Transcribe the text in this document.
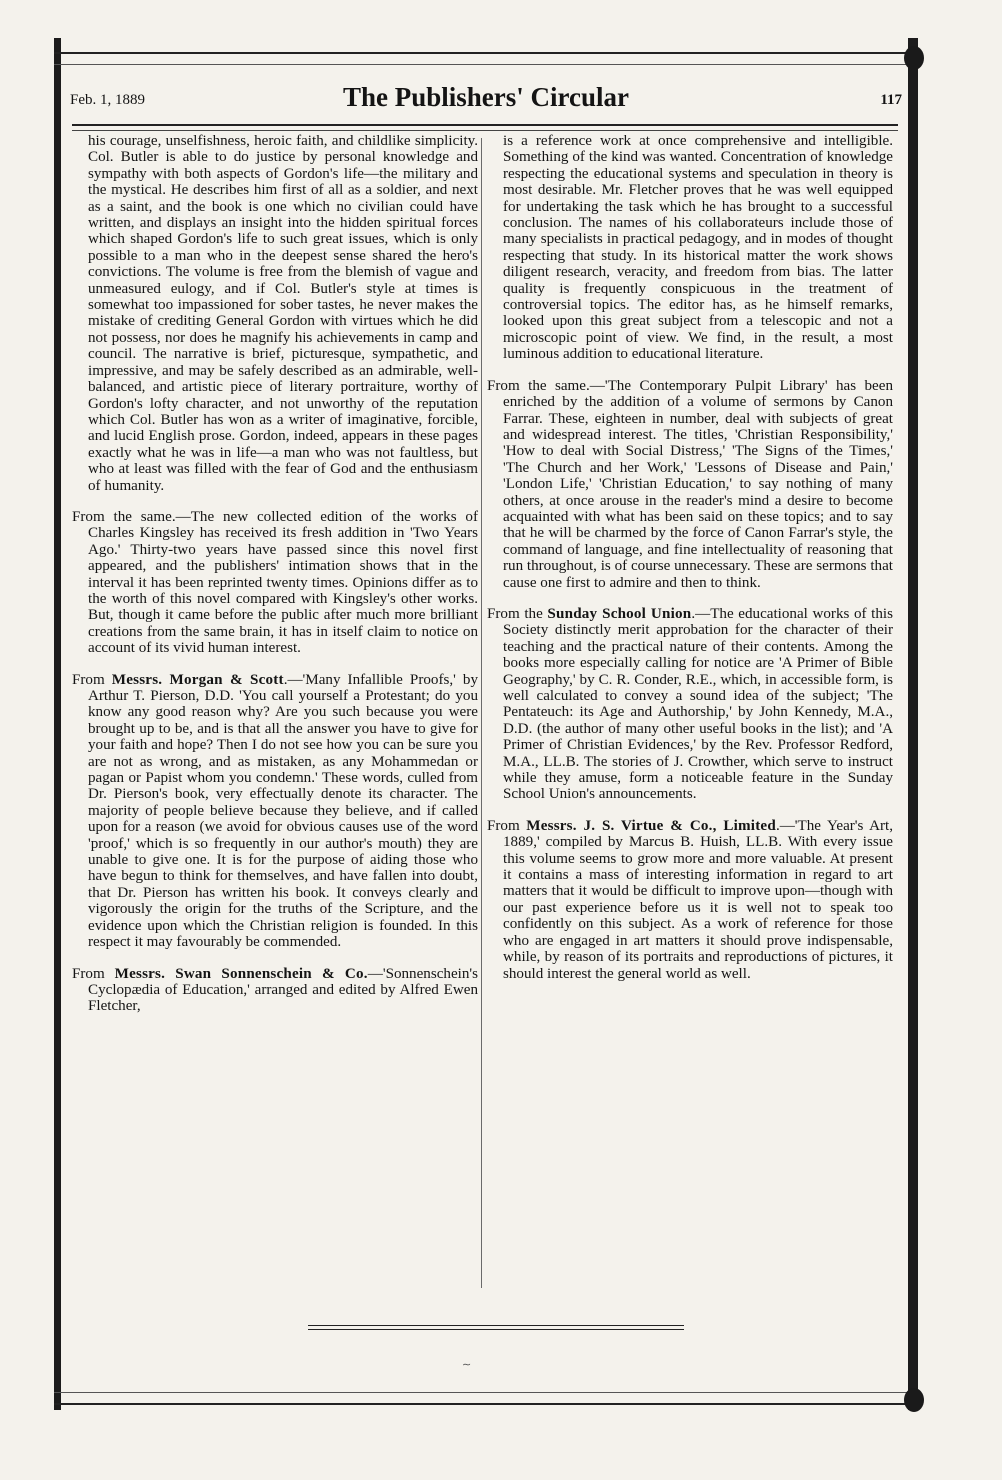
Feb. 1, 1889	The Publishers' Circular	117

his courage, unselfishness, heroic faith, and childlike simplicity. Col. Butler is able to do justice by personal knowledge and sympathy with both aspects of Gordon's life—the military and the mystical. He describes him first of all as a soldier, and next as a saint, and the book is one which no civilian could have written, and displays an insight into the hidden spiritual forces which shaped Gordon's life to such great issues, which is only possible to a man who in the deepest sense shared the hero's convictions. The volume is free from the blemish of vague and unmeasured eulogy, and if Col. Butler's style at times is somewhat too impassioned for sober tastes, he never makes the mistake of crediting General Gordon with virtues which he did not possess, nor does he magnify his achievements in camp and council. The narrative is brief, picturesque, sympathetic, and impressive, and may be safely described as an admirable, well-balanced, and artistic piece of literary portraiture, worthy of Gordon's lofty character, and not unworthy of the reputation which Col. Butler has won as a writer of imaginative, forcible, and lucid English prose. Gordon, indeed, appears in these pages exactly what he was in life—a man who was not faultless, but who at least was filled with the fear of God and the enthusiasm of humanity.

From the same.—The new collected edition of the works of Charles Kingsley has received its fresh addition in 'Two Years Ago.' Thirty-two years have passed since this novel first appeared, and the publishers' intimation shows that in the interval it has been reprinted twenty times. Opinions differ as to the worth of this novel compared with Kingsley's other works. But, though it came before the public after much more brilliant creations from the same brain, it has in itself claim to notice on account of its vivid human interest.

From Messrs. Morgan & Scott.—'Many Infallible Proofs,' by Arthur T. Pierson, D.D. 'You call yourself a Protestant; do you know any good reason why? Are you such because you were brought up to be, and is that all the answer you have to give for your faith and hope? Then I do not see how you can be sure you are not as wrong, and as mistaken, as any Mohammedan or pagan or Papist whom you condemn.' These words, culled from Dr. Pierson's book, very effectually denote its character. The majority of people believe because they believe, and if called upon for a reason (we avoid for obvious causes use of the word 'proof,' which is so frequently in our author's mouth) they are unable to give one. It is for the purpose of aiding those who have begun to think for themselves, and have fallen into doubt, that Dr. Pierson has written his book. It conveys clearly and vigorously the origin for the truths of the Scripture, and the evidence upon which the Christian religion is founded. In this respect it may favourably be commended.

From Messrs. Swan Sonnenschein & Co.—'Sonnenschein's Cyclopædia of Education,' arranged and edited by Alfred Ewen Fletcher,

is a reference work at once comprehensive and intelligible. Something of the kind was wanted. Concentration of knowledge respecting the educational systems and speculation in theory is most desirable. Mr. Fletcher proves that he was well equipped for undertaking the task which he has brought to a successful conclusion. The names of his collaborateurs include those of many specialists in practical pedagogy, and in modes of thought respecting that study. In its historical matter the work shows diligent research, veracity, and freedom from bias. The latter quality is frequently conspicuous in the treatment of controversial topics. The editor has, as he himself remarks, looked upon this great subject from a telescopic and not a microscopic point of view. We find, in the result, a most luminous addition to educational literature.

From the same.—'The Contemporary Pulpit Library' has been enriched by the addition of a volume of sermons by Canon Farrar. These, eighteen in number, deal with subjects of great and widespread interest. The titles, 'Christian Responsibility,' 'How to deal with Social Distress,' 'The Signs of the Times,' 'The Church and her Work,' 'Lessons of Disease and Pain,' 'London Life,' 'Christian Education,' to say nothing of many others, at once arouse in the reader's mind a desire to become acquainted with what has been said on these topics; and to say that he will be charmed by the force of Canon Farrar's style, the command of language, and fine intellectuality of reasoning that run throughout, is of course unnecessary. These are sermons that cause one first to admire and then to think.

From the Sunday School Union.—The educational works of this Society distinctly merit approbation for the character of their teaching and the practical nature of their contents. Among the books more especially calling for notice are 'A Primer of Bible Geography,' by C. R. Conder, R.E., which, in accessible form, is well calculated to convey a sound idea of the subject; 'The Pentateuch: its Age and Authorship,' by John Kennedy, M.A., D.D. (the author of many other useful books in the list); and 'A Primer of Christian Evidences,' by the Rev. Professor Redford, M.A., LL.B. The stories of J. Crowther, which serve to instruct while they amuse, form a noticeable feature in the Sunday School Union's announcements.

From Messrs. J. S. Virtue & Co., Limited.—'The Year's Art, 1889,' compiled by Marcus B. Huish, LL.B. With every issue this volume seems to grow more and more valuable. At present it contains a mass of interesting information in regard to art matters that it would be difficult to improve upon—though with our past experience before us it is well not to speak too confidently on this subject. As a work of reference for those who are engaged in art matters it should prove indispensable, while, by reason of its portraits and reproductions of pictures, it should interest the general world as well.

∼
